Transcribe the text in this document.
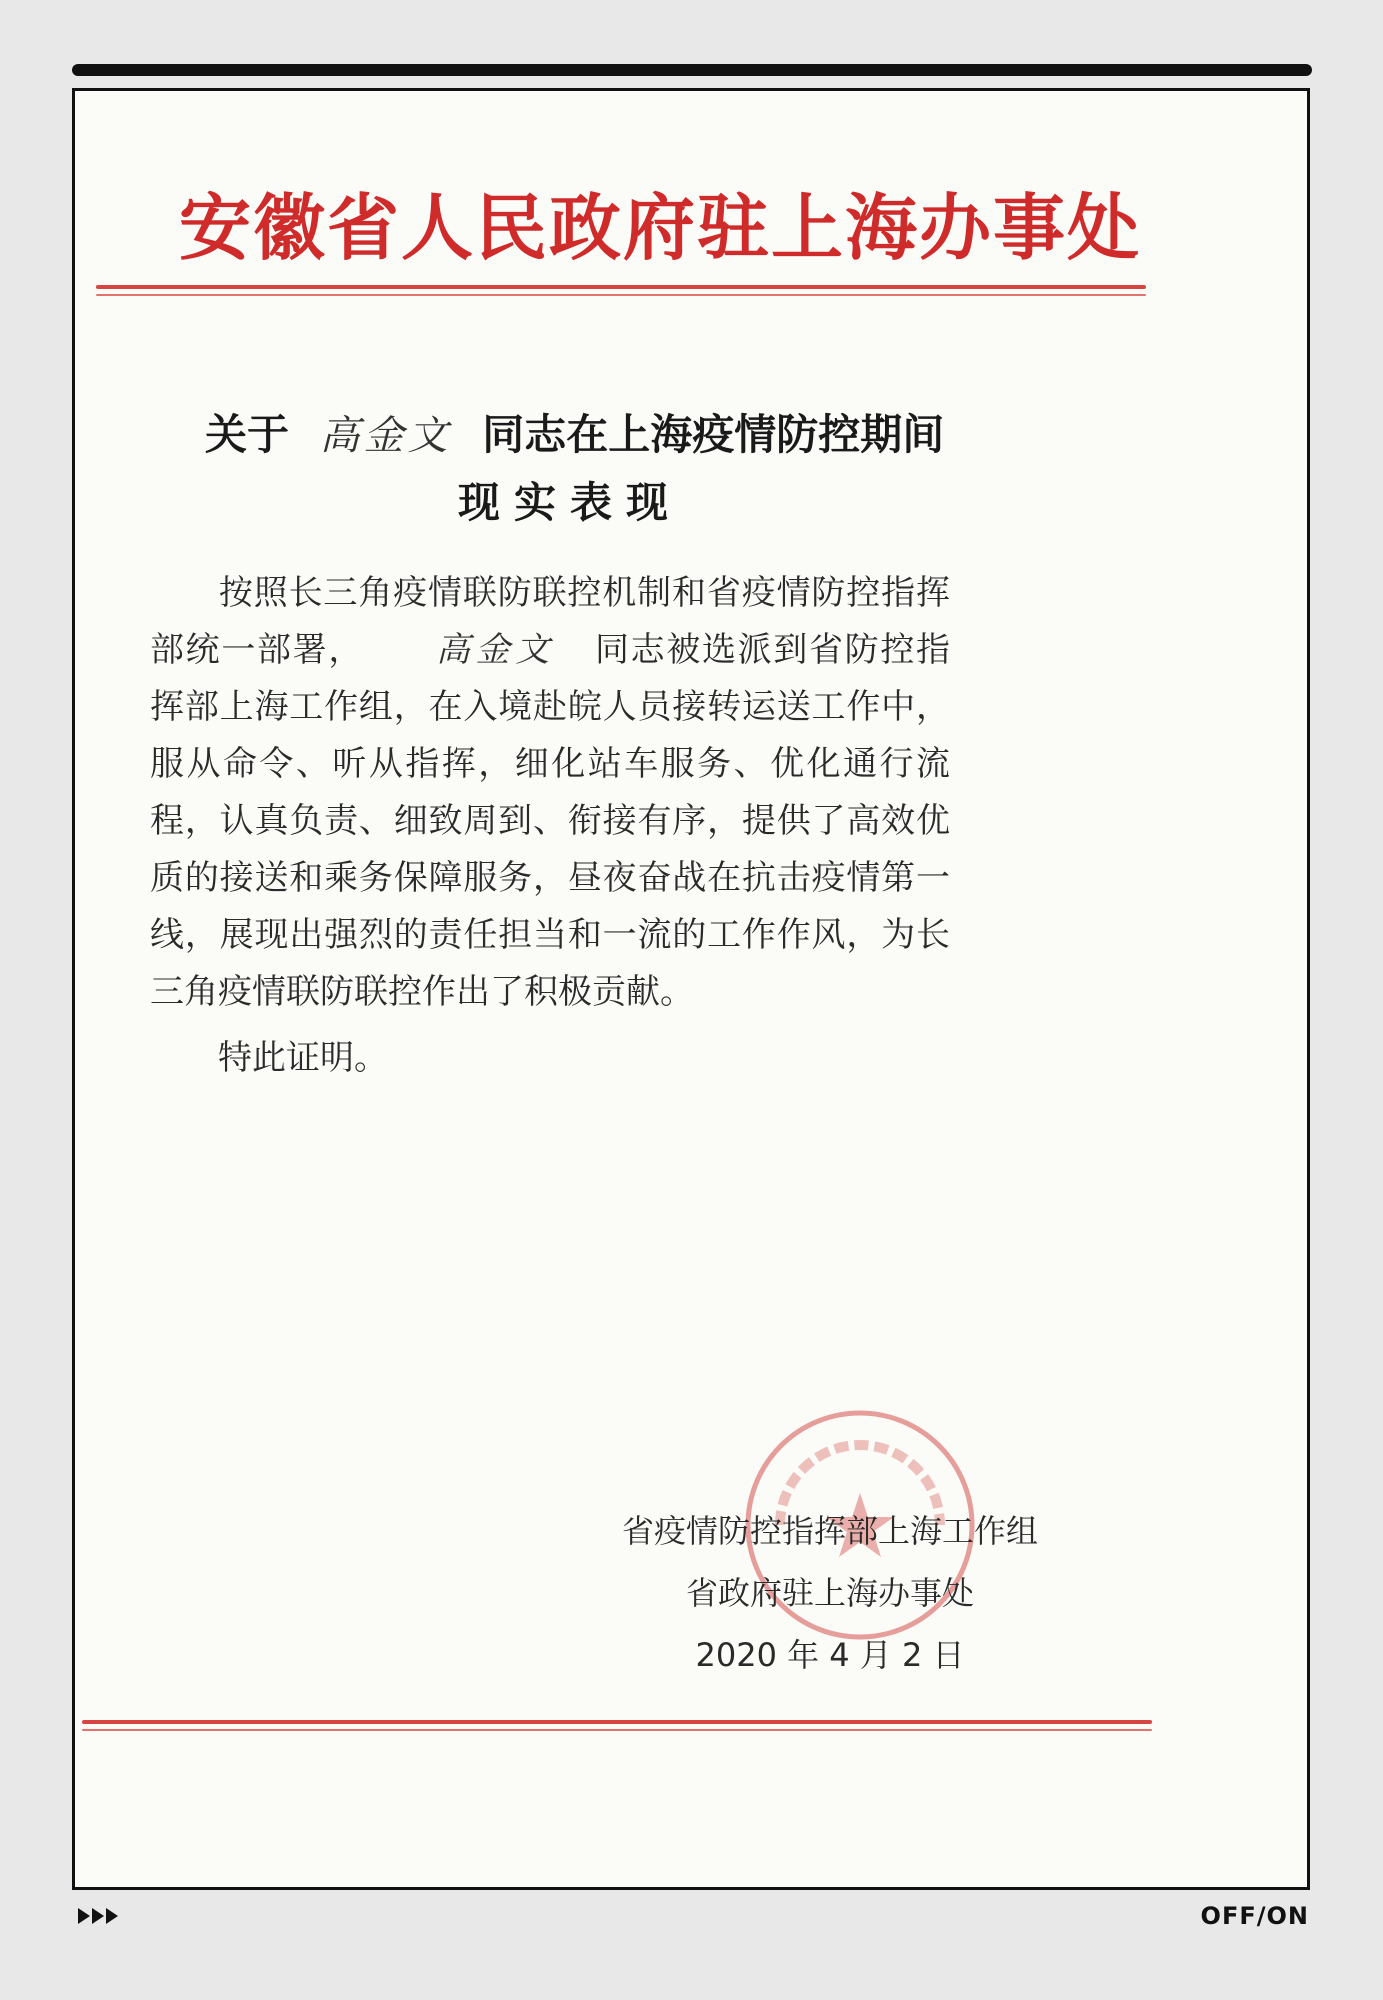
安徽省人民政府驻上海办事处
关于 高金文 同志在上海疫情防控期间
现实表现
按照长三角疫情联防联控机制和省疫情防控指挥部统一部署， 高金文 同志被选派到省防控指挥部上海工作组，在入境赴皖人员接转运送工作中，服从命令、听从指挥，细化站车服务、优化通行流程，认真负责、细致周到、衔接有序，提供了高效优质的接送和乘务保障服务，昼夜奋战在抗击疫情第一线，展现出强烈的责任担当和一流的工作作风，为长三角疫情联防联控作出了积极贡献。
特此证明。
省疫情防控指挥部上海工作组
省政府驻上海办事处
2020 年 4 月 2 日
OFF/ON
